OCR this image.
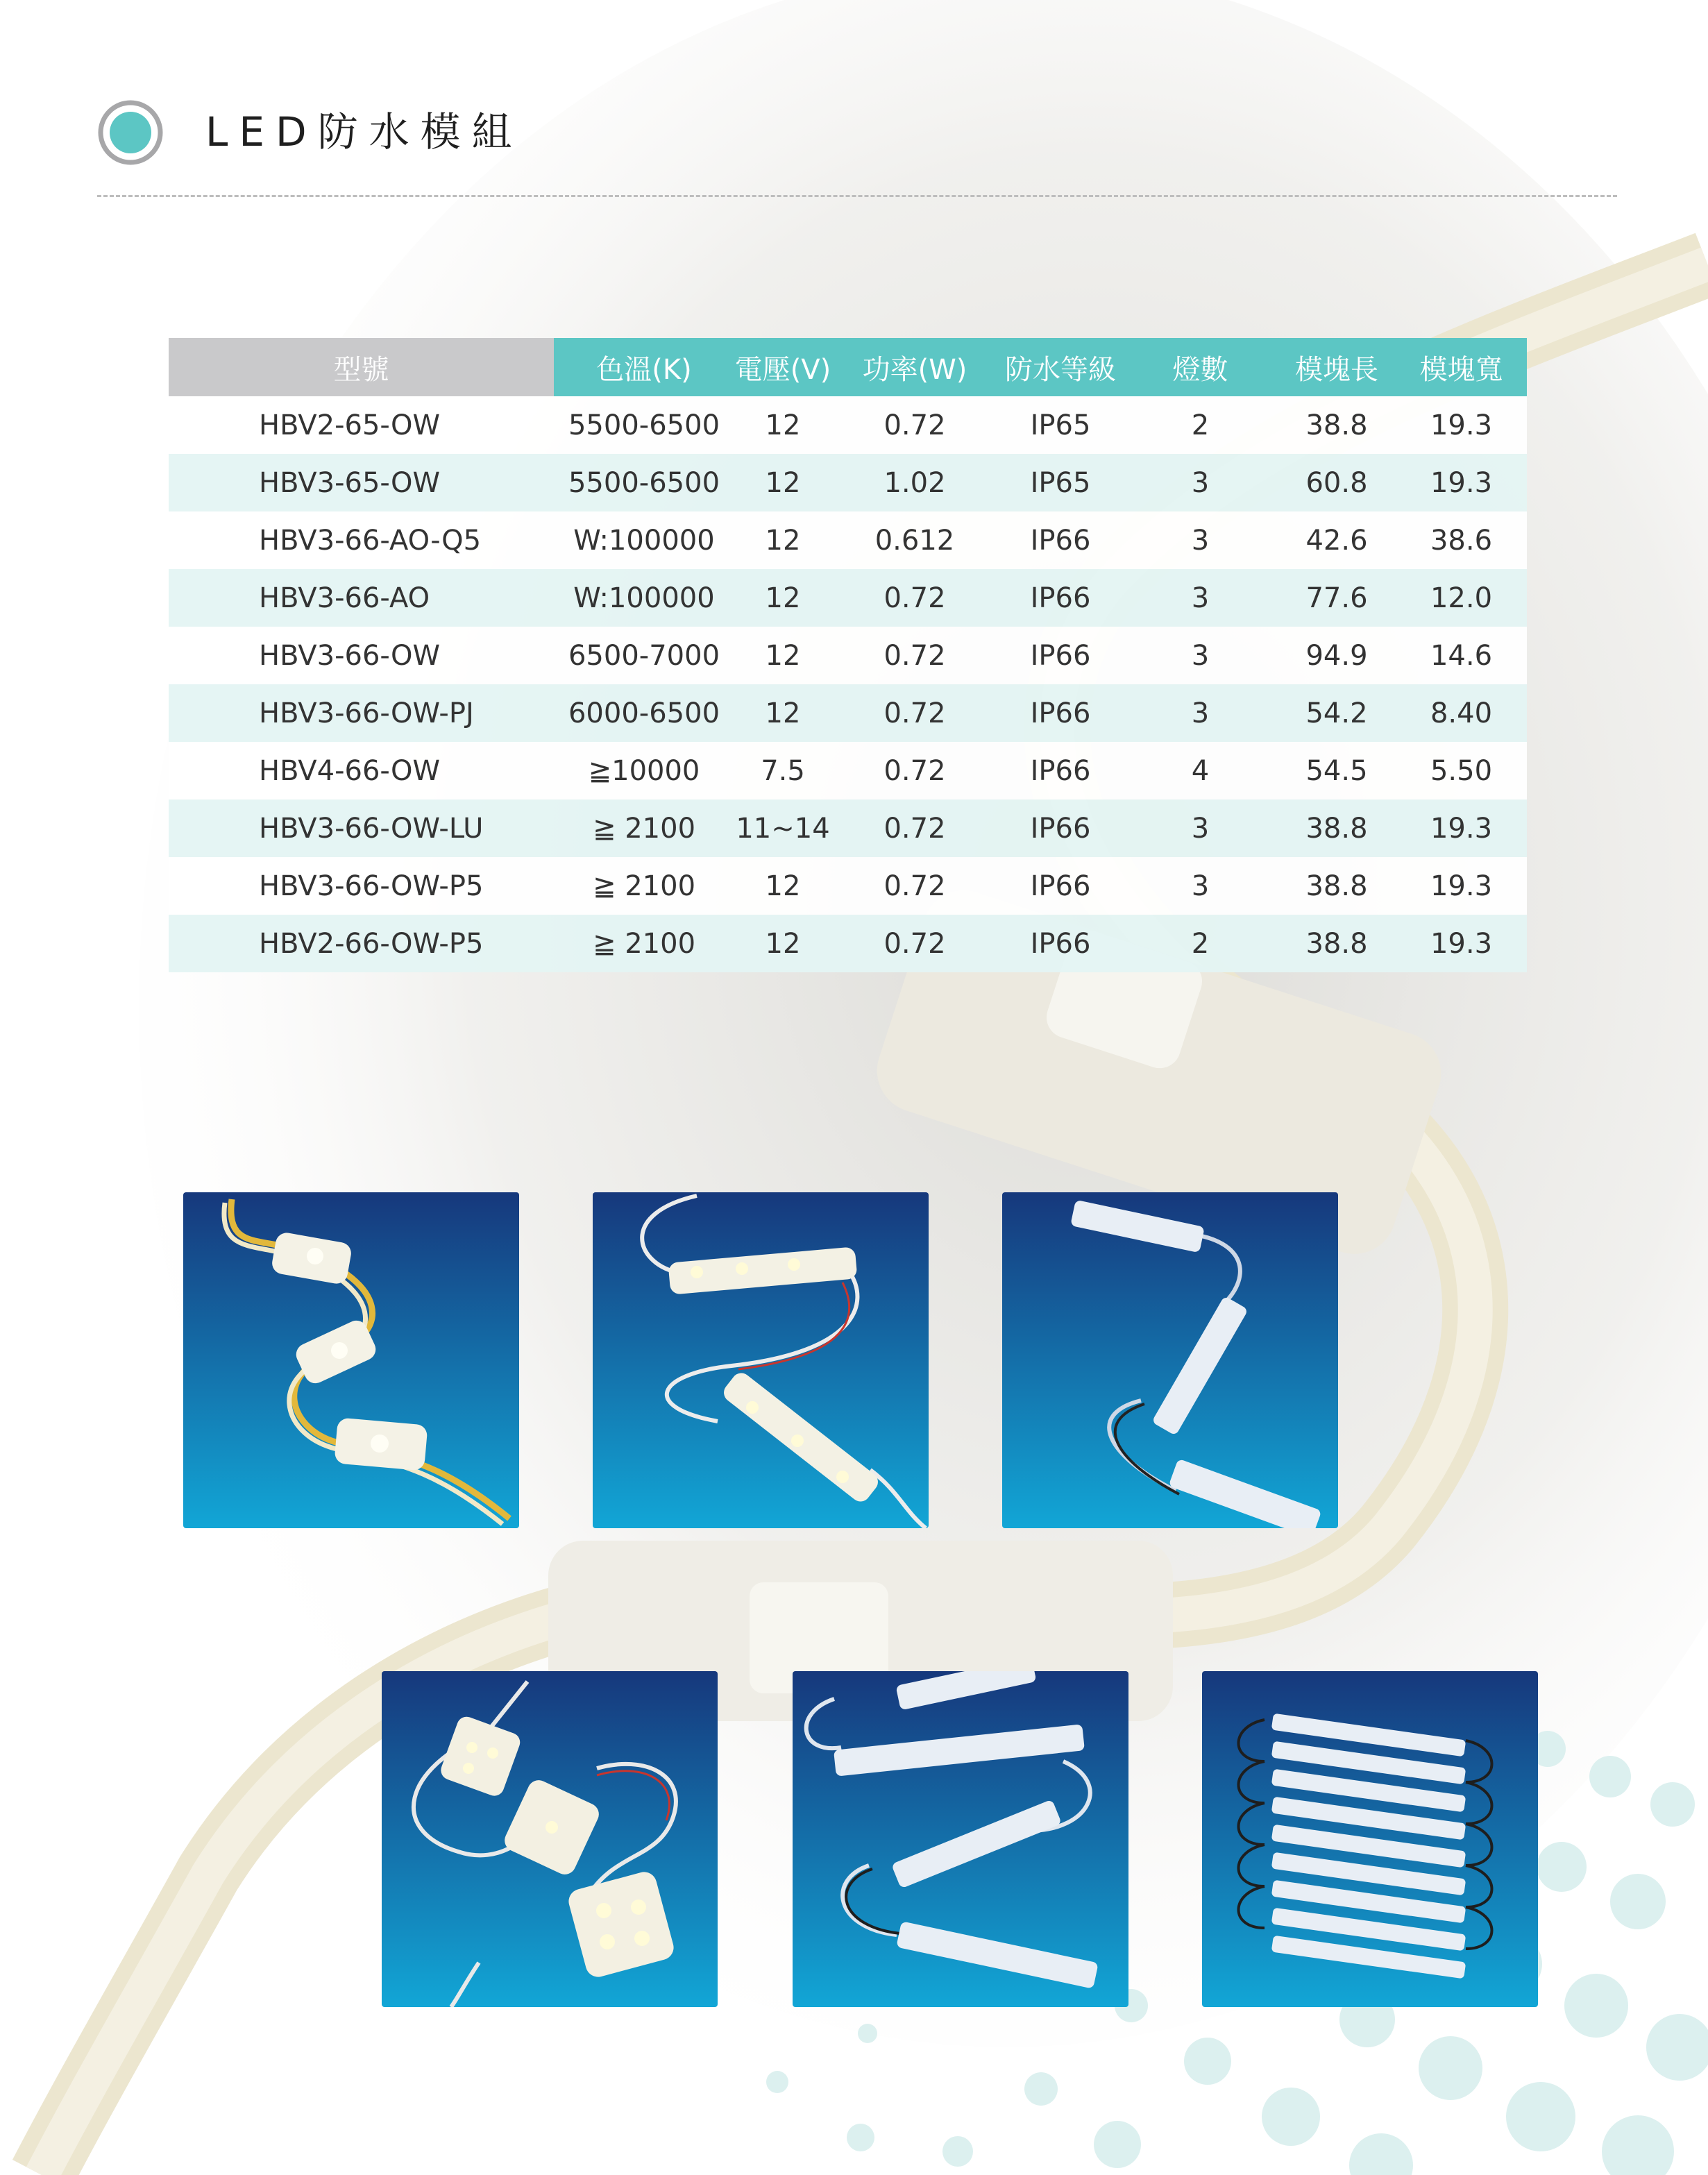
LED防水模組
型號	色溫(K)	電壓(V)	功率(W)	防水等級	燈數	模塊長	模塊寬
HBV2-65-OW	5500-6500	12	0.72	IP65	2	38.8	19.3
HBV3-65-OW	5500-6500	12	1.02	IP65	3	60.8	19.3
HBV3-66-AO-Q5	W:100000	12	0.612	IP66	3	42.6	38.6
HBV3-66-AO	W:100000	12	0.72	IP66	3	77.6	12.0
HBV3-66-OW	6500-7000	12	0.72	IP66	3	94.9	14.6
HBV3-66-OW-PJ	6000-6500	12	0.72	IP66	3	54.2	8.40
HBV4-66-OW	≧10000	7.5	0.72	IP66	4	54.5	5.50
HBV3-66-OW-LU	≧ 2100	11~14	0.72	IP66	3	38.8	19.3
HBV3-66-OW-P5	≧ 2100	12	0.72	IP66	3	38.8	19.3
HBV2-66-OW-P5	≧ 2100	12	0.72	IP66	2	38.8	19.3
